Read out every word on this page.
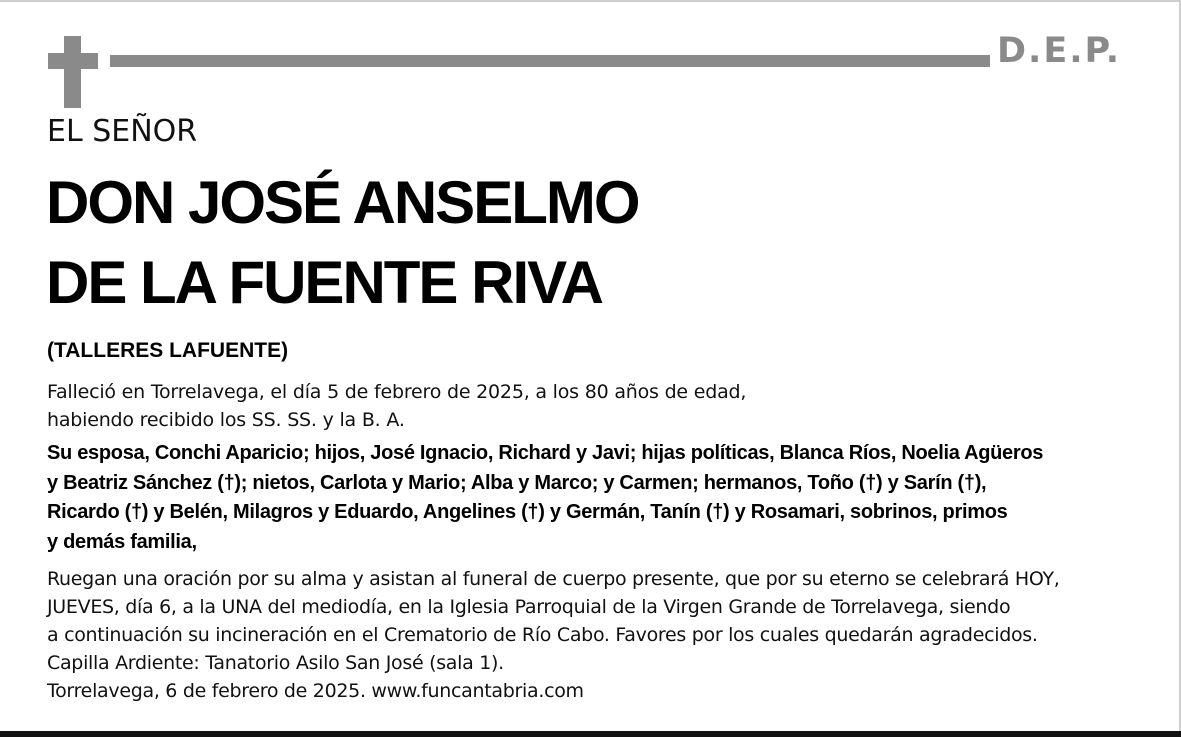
D.E.P.
EL SEÑOR
DON JOSÉ ANSELMO
DE LA FUENTE RIVA
(TALLERES LAFUENTE)
Falleció en Torrelavega, el día 5 de febrero de 2025, a los 80 años de edad,
habiendo recibido los SS. SS. y la B. A.
Su esposa, Conchi Aparicio; hijos, José Ignacio, Richard y Javi; hijas políticas, Blanca Ríos, Noelia Agüeros
y Beatriz Sánchez (†); nietos, Carlota y Mario; Alba y Marco; y Carmen; hermanos, Toño (†) y Sarín (†),
Ricardo (†) y Belén, Milagros y Eduardo, Angelines (†) y Germán, Tanín (†) y Rosamari, sobrinos, primos
y demás familia,
Ruegan una oración por su alma y asistan al funeral de cuerpo presente, que por su eterno se celebrará HOY,
JUEVES, día 6, a la UNA del mediodía, en la Iglesia Parroquial de la Virgen Grande de Torrelavega, siendo
a continuación su incineración en el Crematorio de Río Cabo. Favores por los cuales quedarán agradecidos.
Capilla Ardiente: Tanatorio Asilo San José (sala 1).
Torrelavega, 6 de febrero de 2025. www.funcantabria.com
